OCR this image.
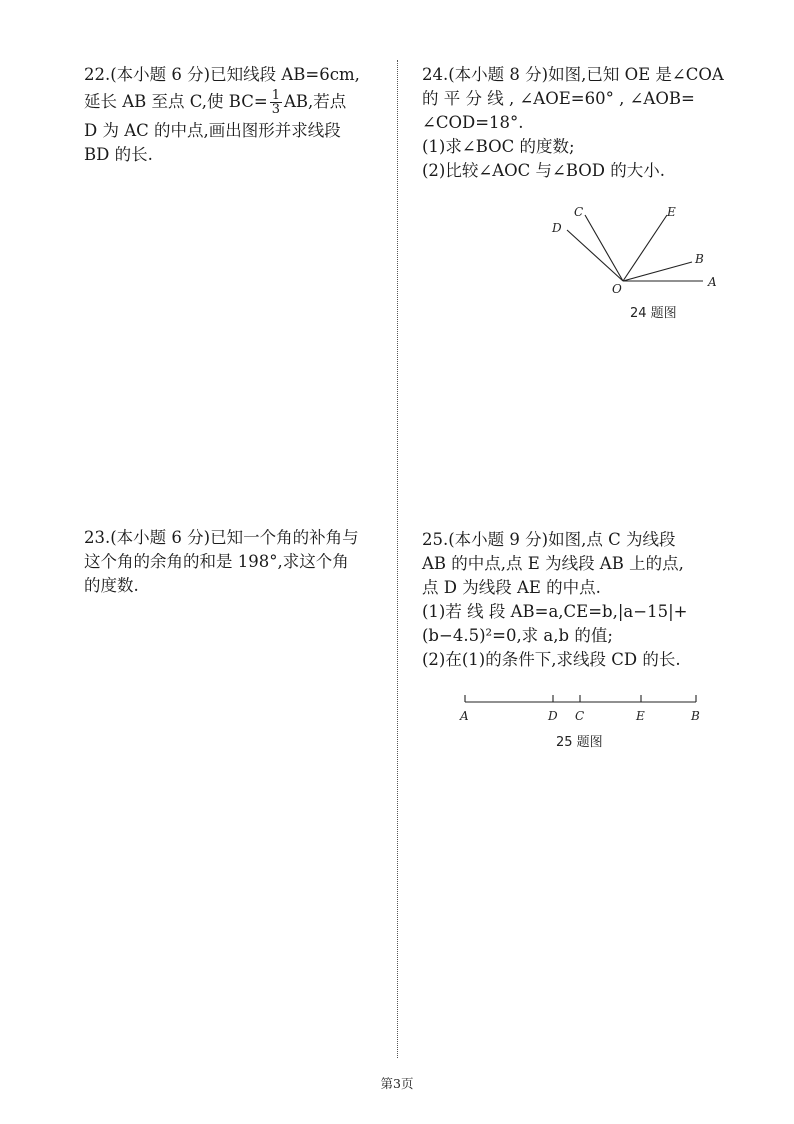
22.(本小题 6 分)已知线段 AB=6cm,
延长 AB 至点 C,使 $BC= \frac{1}{3}$ AB,若点
D 为 AC 的中点,画出图形并求线段
BD 的长.
23.(本小题 6 分)已知一个角的补角与
这个角的余角的和是 198°,求这个角
的度数.
24.(本小题 8 分)如图,已知 OE 是∠COA
的 平 分 线 , ∠AOE=60° , ∠AOB=
∠COD=18°.
(1)求∠BOC 的度数;
(2)比较∠AOC 与∠BOD 的大小.
C	E
D
B
O	A
24 题图
25.(本小题 9 分)如图,点 C 为线段
AB 的中点,点 E 为线段 AB 上的点,
点 D 为线段 AE 的中点.
(1)若 线 段 AB=a,CE=b,|a−15|+
(b−4.5)²=0,求 a,b 的值;
(2)在(1)的条件下,求线段 CD 的长.
A	D C	E	B
25 题图
第3页
